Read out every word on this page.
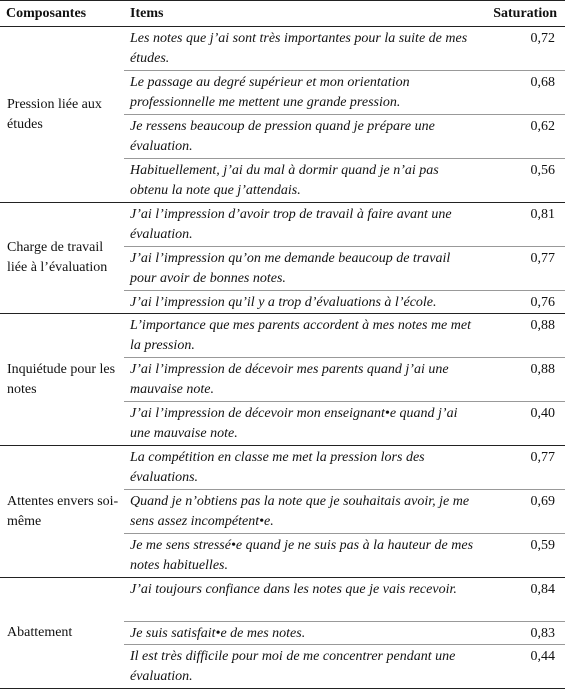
Composantes	Items	Saturation
Pression liée aux études	Les notes que j’ai sont très importantes pour la suite de mes études.	0,72
	Le passage au degré supérieur et mon orientation professionnelle me mettent une grande pression.	0,68
	Je ressens beaucoup de pression quand je prépare une évaluation.	0,62
	Habituellement, j’ai du mal à dormir quand je n’ai pas obtenu la note que j’attendais.	0,56
Charge de travail liée à l’évaluation	J’ai l’impression d’avoir trop de travail à faire avant une évaluation.	0,81
	J’ai l’impression qu’on me demande beaucoup de travail pour avoir de bonnes notes.	0,77
	J’ai l’impression qu’il y a trop d’évaluations à l’école.	0,76
Inquiétude pour les notes	L’importance que mes parents accordent à mes notes me met la pression.	0,88
	J’ai l’impression de décevoir mes parents quand j’ai une mauvaise note.	0,88
	J’ai l’impression de décevoir mon enseignant•e quand j’ai une mauvaise note.	0,40
Attentes envers soi-même	La compétition en classe me met la pression lors des évaluations.	0,77
	Quand je n’obtiens pas la note que je souhaitais avoir, je me sens assez incompétent•e.	0,69
	Je me sens stressé•e quand je ne suis pas à la hauteur de mes notes habituelles.	0,59
Abattement	J’ai toujours confiance dans les notes que je vais recevoir.	0,84
	Je suis satisfait•e de mes notes.	0,83
	Il est très difficile pour moi de me concentrer pendant une évaluation.	0,44
